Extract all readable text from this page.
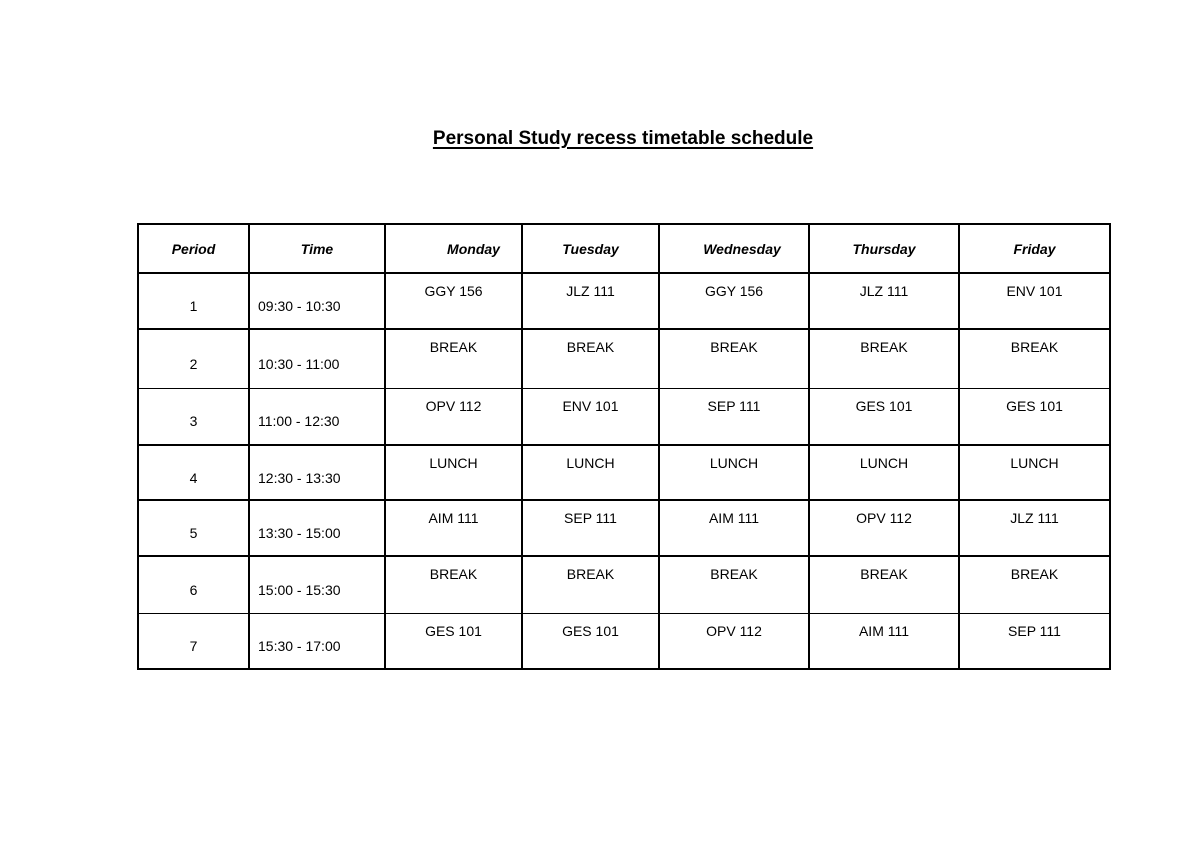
Personal Study recess timetable schedule
Period	Time	Monday	Tuesday	Wednesday	Thursday	Friday
1	09:30 - 10:30	GGY 156	JLZ 111	GGY 156	JLZ 111	ENV 101
2	10:30 - 11:00	BREAK	BREAK	BREAK	BREAK	BREAK
3	11:00 - 12:30	OPV 112	ENV 101	SEP 111	GES 101	GES 101
4	12:30 - 13:30	LUNCH	LUNCH	LUNCH	LUNCH	LUNCH
5	13:30 - 15:00	AIM 111	SEP 111	AIM 111	OPV 112	JLZ 111
6	15:00 - 15:30	BREAK	BREAK	BREAK	BREAK	BREAK
7	15:30 - 17:00	GES 101	GES 101	OPV 112	AIM 111	SEP 111
